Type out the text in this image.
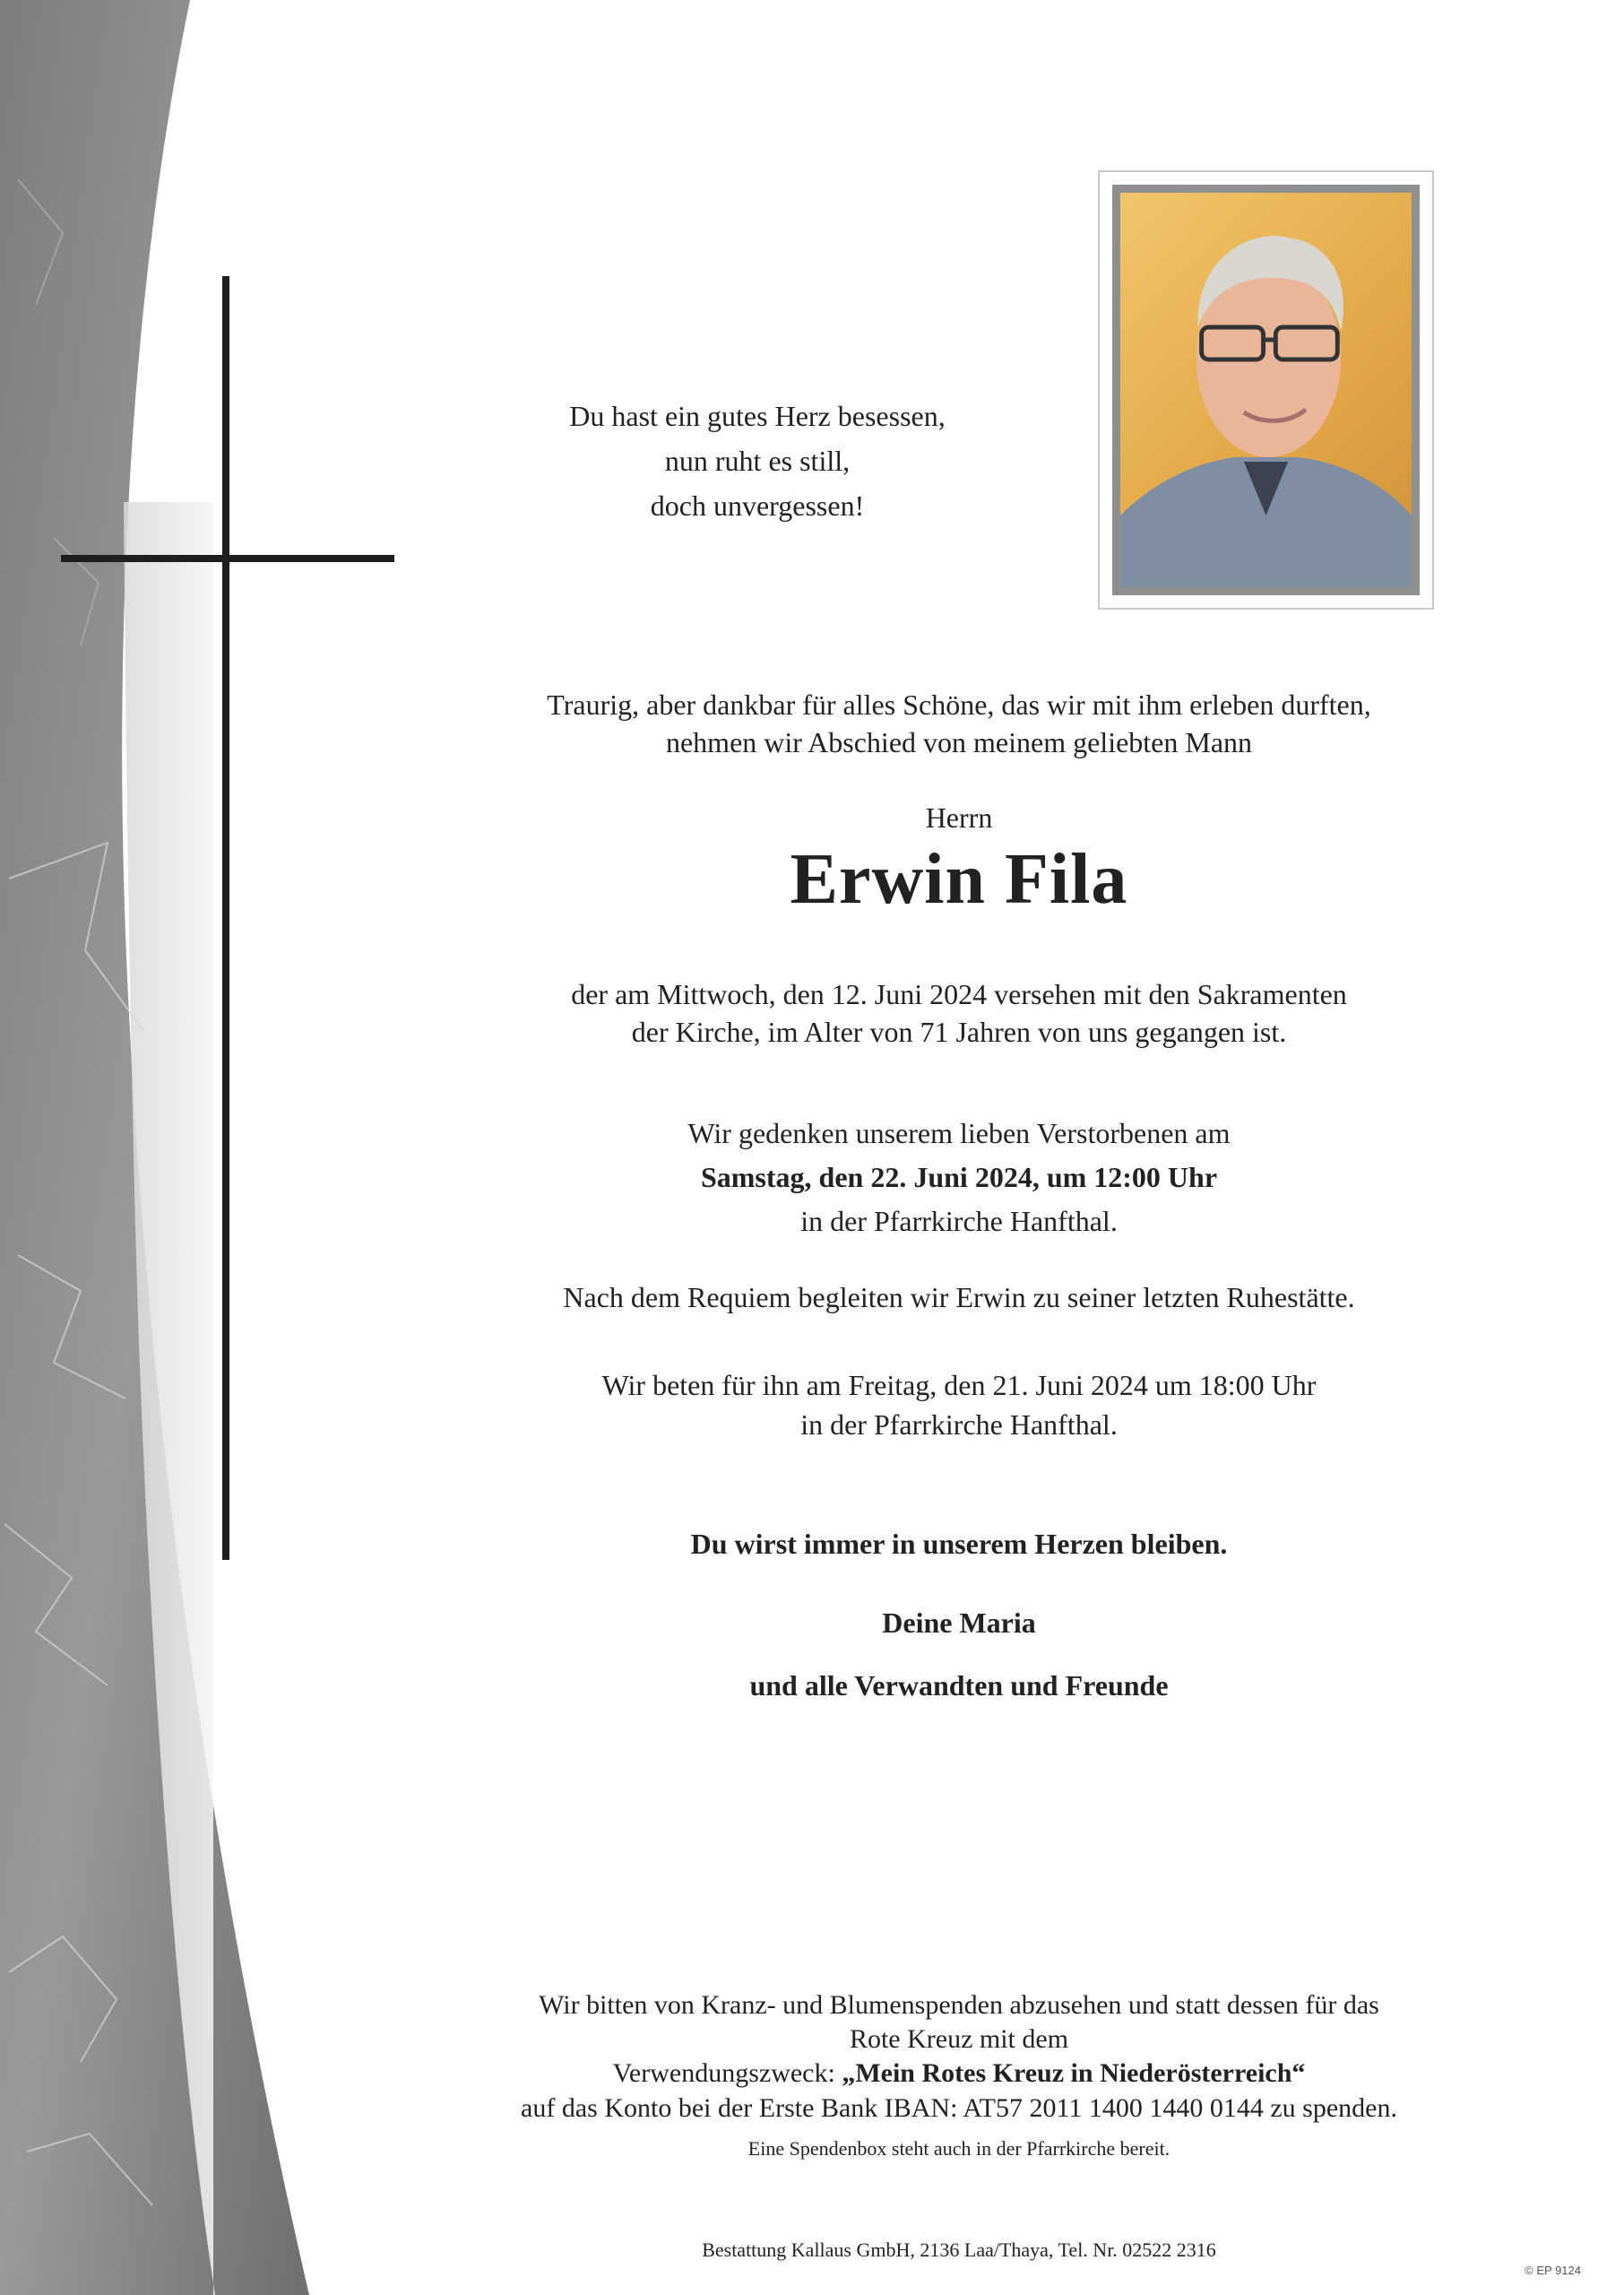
Du hast ein gutes Herz besessen,

nun ruht es still,

doch unvergessen!

Traurig, aber dankbar für alles Schöne, das wir mit ihm erleben durften,

nehmen wir Abschied von meinem geliebten Mann

Herrn

Erwin Fila

der am Mittwoch, den 12. Juni 2024 versehen mit den Sakramenten

der Kirche, im Alter von 71 Jahren von uns gegangen ist.

Wir gedenken unserem lieben Verstorbenen am

Samstag, den 22. Juni 2024, um 12:00 Uhr

in der Pfarrkirche Hanfthal.

Nach dem Requiem begleiten wir Erwin zu seiner letzten Ruhestätte.

Wir beten für ihn am Freitag, den 21. Juni 2024 um 18:00 Uhr

in der Pfarrkirche Hanfthal.

Du wirst immer in unserem Herzen bleiben.

Deine Maria

und alle Verwandten und Freunde

Wir bitten von Kranz- und Blumenspenden abzusehen und statt dessen für das

Rote Kreuz mit dem

Verwendungszweck: „Mein Rotes Kreuz in Niederösterreich“

auf das Konto bei der Erste Bank IBAN: AT57 2011 1400 1440 0144 zu spenden.

Eine Spendenbox steht auch in der Pfarrkirche bereit.

Bestattung Kallaus GmbH, 2136 Laa/Thaya, Tel. Nr. 02522 2316

© EP 9124
